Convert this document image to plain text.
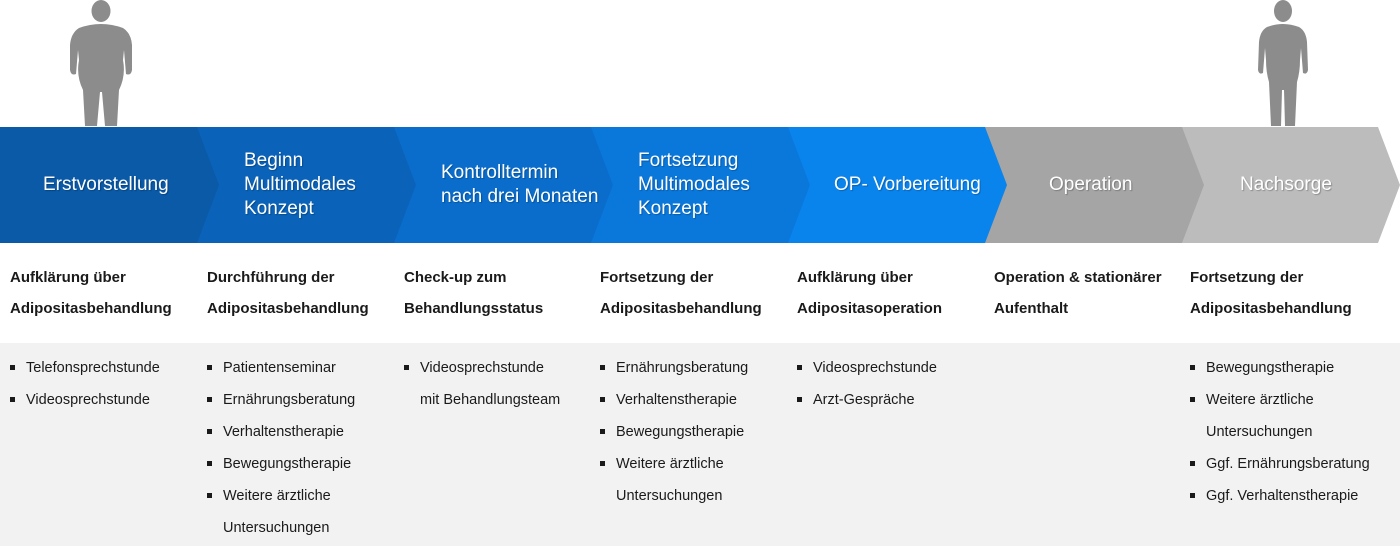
Erstvorstellung
Beginn
Multimodales
Konzept
Kontrolltermin
nach drei Monaten
Fortsetzung
Multimodales
Konzept
OP- Vorbereitung	Operation	Nachsorge
Aufklärung über
Adipositasbehandlung
Durchführung der
Adipositasbehandlung
Check-up zum
Behandlungsstatus
Fortsetzung der
Adipositasbehandlung
Aufklärung über
Adipositasoperation
Operation & stationärer
Aufenthalt
Fortsetzung der
Adipositasbehandlung
Telefonsprechstunde
Videosprechstunde
Patientenseminar
Ernährungsberatung
Verhaltenstherapie
Bewegungstherapie
Weitere ärztliche
Untersuchungen
Videosprechstunde
mit Behandlungsteam
Ernährungsberatung
Verhaltenstherapie
Bewegungstherapie
Weitere ärztliche
Untersuchungen
Videosprechstunde
Arzt-Gespräche
Bewegungstherapie
Weitere ärztliche
Untersuchungen
Ggf. Ernährungsberatung
Ggf. Verhaltenstherapie
